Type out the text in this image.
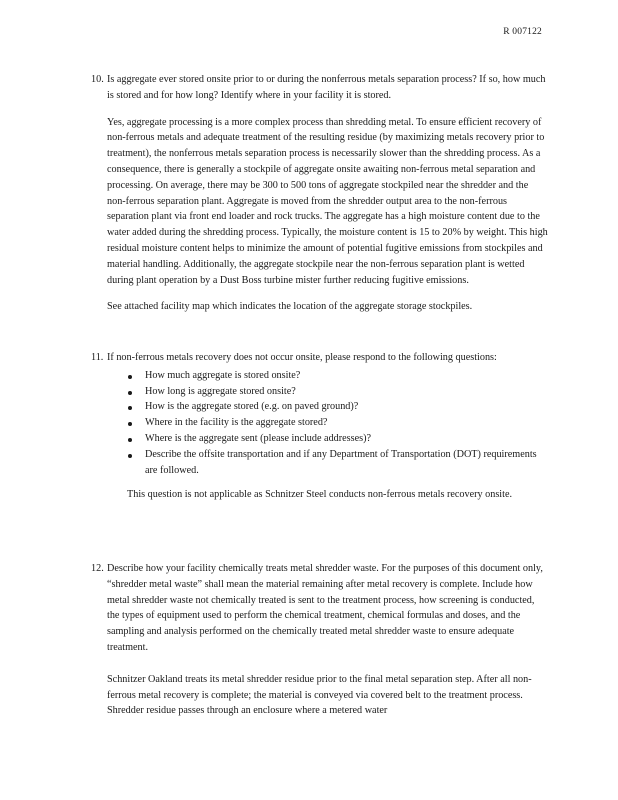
R 007122
10. Is aggregate ever stored onsite prior to or during the nonferrous metals separation process? If so, how much is stored and for how long? Identify where in your facility it is stored.
Yes, aggregate processing is a more complex process than shredding metal. To ensure efficient recovery of non-ferrous metals and adequate treatment of the resulting residue (by maximizing metals recovery prior to treatment), the nonferrous metals separation process is necessarily slower than the shredding process. As a consequence, there is generally a stockpile of aggregate onsite awaiting non-ferrous metal separation and processing. On average, there may be 300 to 500 tons of aggregate stockpiled near the shredder and the non-ferrous separation plant. Aggregate is moved from the shredder output area to the non-ferrous separation plant via front end loader and rock trucks. The aggregate has a high moisture content due to the water added during the shredding process. Typically, the moisture content is 15 to 20% by weight. This high residual moisture content helps to minimize the amount of potential fugitive emissions from stockpiles and material handling. Additionally, the aggregate stockpile near the non-ferrous separation plant is wetted during plant operation by a Dust Boss turbine mister further reducing fugitive emissions.
See attached facility map which indicates the location of the aggregate storage stockpiles.
11. If non-ferrous metals recovery does not occur onsite, please respond to the following questions:
How much aggregate is stored onsite?
How long is aggregate stored onsite?
How is the aggregate stored (e.g. on paved ground)?
Where in the facility is the aggregate stored?
Where is the aggregate sent (please include addresses)?
Describe the offsite transportation and if any Department of Transportation (DOT) requirements are followed.
This question is not applicable as Schnitzer Steel conducts non-ferrous metals recovery onsite.
12. Describe how your facility chemically treats metal shredder waste. For the purposes of this document only, “shredder metal waste” shall mean the material remaining after metal recovery is complete. Include how metal shredder waste not chemically treated is sent to the treatment process, how screening is conducted, the types of equipment used to perform the chemical treatment, chemical formulas and doses, and the sampling and analysis performed on the chemically treated metal shredder waste to ensure adequate treatment.
Schnitzer Oakland treats its metal shredder residue prior to the final metal separation step. After all non-ferrous metal recovery is complete; the material is conveyed via covered belt to the treatment process. Shredder residue passes through an enclosure where a metered water
